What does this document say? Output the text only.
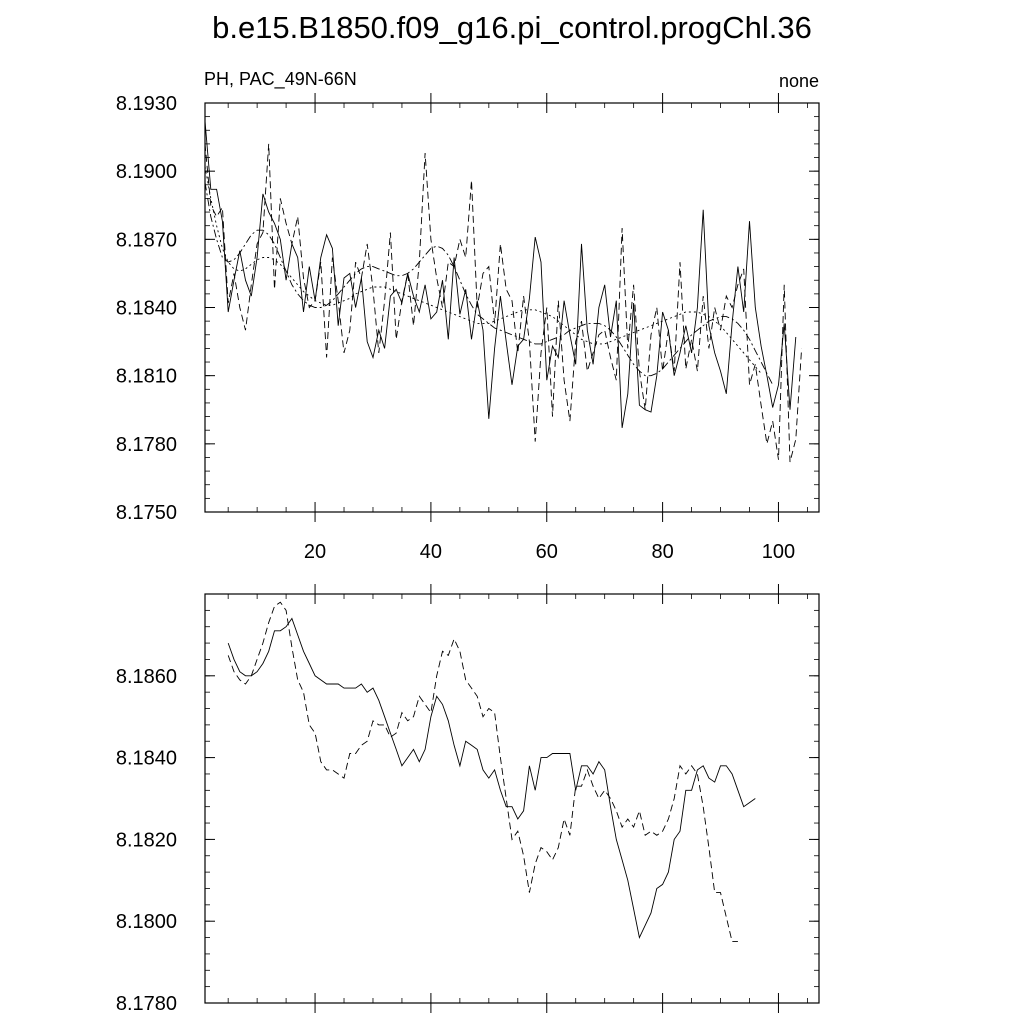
b.e15.B1850.f09_g16.pi_control.progChl.36
PH, PAC_49N-66N	none
8.1930
8.1900
8.1870
8.1840
8.1810
8.1780
8.1750
20	40	60	80	100
8.1860
8.1840
8.1820
8.1800
8.1780
